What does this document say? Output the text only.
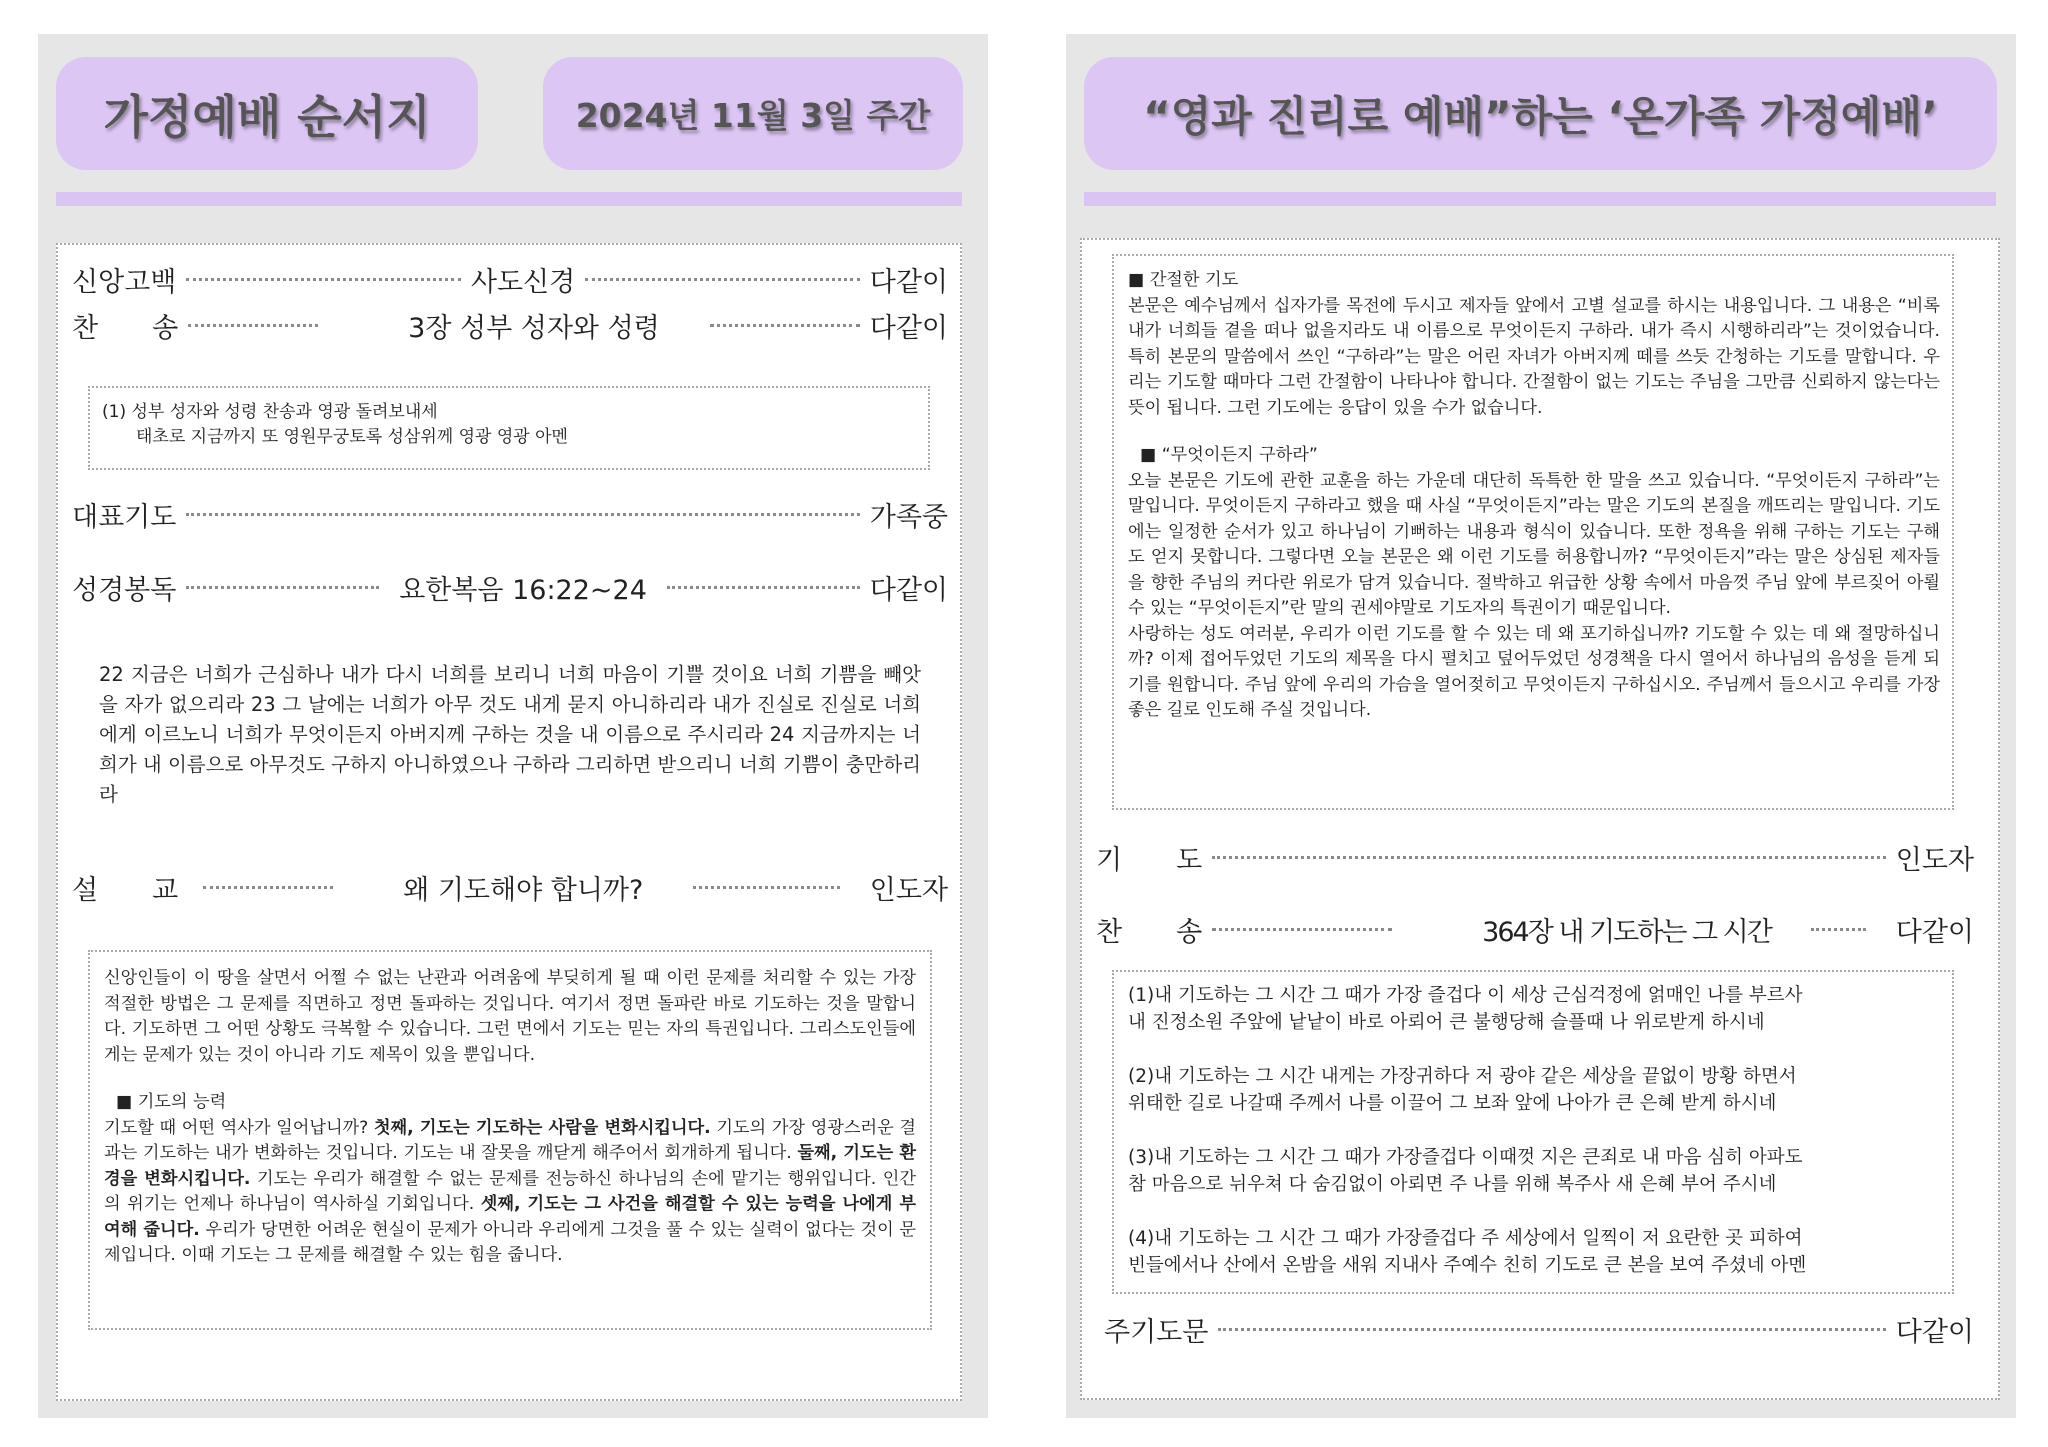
가정예배 순서지	2024년 11월 3일 주간
신앙고백	사도신경	다같이
찬　　송	3장 성부 성자와 성령	다같이
(1) 성부 성자와 성령 찬송과 영광 돌려보내세
태초로 지금까지 또 영원무궁토록 성삼위께 영광 영광 아멘
대표기도	가족중
성경봉독	요한복음 16:22~24	다같이
22 지금은 너희가 근심하나 내가 다시 너희를 보리니 너희 마음이 기쁠 것이요 너희 기쁨을 빼앗을 자가 없으리라 23 그 날에는 너희가 아무 것도 내게 묻지 아니하리라 내가 진실로 진실로 너희에게 이르노니 너희가 무엇이든지 아버지께 구하는 것을 내 이름으로 주시리라 24 지금까지는 너희가 내 이름으로 아무것도 구하지 아니하였으나 구하라 그리하면 받으리니 너희 기쁨이 충만하리라
설　　교	왜 기도해야 합니까?	인도자
신앙인들이 이 땅을 살면서 어쩔 수 없는 난관과 어려움에 부딪히게 될 때 이런 문제를 처리할 수 있는 가장 적절한 방법은 그 문제를 직면하고 정면 돌파하는 것입니다. 여기서 정면 돌파란 바로 기도하는 것을 말합니다. 기도하면 그 어떤 상황도 극복할 수 있습니다. 그런 면에서 기도는 믿는 자의 특권입니다. 그리스도인들에게는 문제가 있는 것이 아니라 기도 제목이 있을 뿐입니다.
■ 기도의 능력
기도할 때 어떤 역사가 일어납니까? 첫째, 기도는 기도하는 사람을 변화시킵니다. 기도의 가장 영광스러운 결과는 기도하는 내가 변화하는 것입니다. 기도는 내 잘못을 깨닫게 해주어서 회개하게 됩니다. 둘째, 기도는 환경을 변화시킵니다. 기도는 우리가 해결할 수 없는 문제를 전능하신 하나님의 손에 맡기는 행위입니다. 인간의 위기는 언제나 하나님이 역사하실 기회입니다. 셋째, 기도는 그 사건을 해결할 수 있는 능력을 나에게 부여해 줍니다. 우리가 당면한 어려운 현실이 문제가 아니라 우리에게 그것을 풀 수 있는 실력이 없다는 것이 문제입니다. 이때 기도는 그 문제를 해결할 수 있는 힘을 줍니다.
“영과 진리로 예배”하는 ‘온가족 가정예배’
■ 간절한 기도
본문은 예수님께서 십자가를 목전에 두시고 제자들 앞에서 고별 설교를 하시는 내용입니다. 그 내용은 “비록 내가 너희들 곁을 떠나 없을지라도 내 이름으로 무엇이든지 구하라. 내가 즉시 시행하리라”는 것이었습니다. 특히 본문의 말씀에서 쓰인 “구하라”는 말은 어린 자녀가 아버지께 떼를 쓰듯 간청하는 기도를 말합니다. 우리는 기도할 때마다 그런 간절함이 나타나야 합니다. 간절함이 없는 기도는 주님을 그만큼 신뢰하지 않는다는 뜻이 됩니다. 그런 기도에는 응답이 있을 수가 없습니다.
■ “무엇이든지 구하라”
오늘 본문은 기도에 관한 교훈을 하는 가운데 대단히 독특한 한 말을 쓰고 있습니다. “무엇이든지 구하라”는 말입니다. 무엇이든지 구하라고 했을 때 사실 “무엇이든지”라는 말은 기도의 본질을 깨뜨리는 말입니다. 기도에는 일정한 순서가 있고 하나님이 기뻐하는 내용과 형식이 있습니다. 또한 정욕을 위해 구하는 기도는 구해도 얻지 못합니다. 그렇다면 오늘 본문은 왜 이런 기도를 허용합니까? “무엇이든지”라는 말은 상심된 제자들을 향한 주님의 커다란 위로가 담겨 있습니다. 절박하고 위급한 상황 속에서 마음껏 주님 앞에 부르짖어 아뢸 수 있는 “무엇이든지”란 말의 권세야말로 기도자의 특권이기 때문입니다.
사랑하는 성도 여러분, 우리가 이런 기도를 할 수 있는 데 왜 포기하십니까? 기도할 수 있는 데 왜 절망하십니까? 이제 접어두었던 기도의 제목을 다시 펼치고 덮어두었던 성경책을 다시 열어서 하나님의 음성을 듣게 되기를 원합니다. 주님 앞에 우리의 가슴을 열어젖히고 무엇이든지 구하십시오. 주님께서 들으시고 우리를 가장 좋은 길로 인도해 주실 것입니다.
기　　도	인도자
찬　　송	364장 내 기도하는 그 시간	다같이

(1)내 기도하는 그 시간 그 때가 가장 즐겁다 이 세상 근심걱정에 얽매인 나를 부르사
내 진정소원 주앞에 낱낱이 바로 아뢰어 큰 불행당해 슬플때 나 위로받게 하시네

(2)내 기도하는 그 시간 내게는 가장귀하다 저 광야 같은 세상을 끝없이 방황 하면서
위태한 길로 나갈때 주께서 나를 이끌어 그 보좌 앞에 나아가 큰 은혜 받게 하시네

(3)내 기도하는 그 시간 그 때가 가장즐겁다 이때껏 지은 큰죄로 내 마음 심히 아파도
참 마음으로 뉘우쳐 다 숨김없이 아뢰면 주 나를 위해 복주사 새 은혜 부어 주시네

(4)내 기도하는 그 시간 그 때가 가장즐겁다 주 세상에서 일찍이 저 요란한 곳 피하여
빈들에서나 산에서 온밤을 새워 지내사 주예수 친히 기도로 큰 본을 보여 주셨네 아멘

주기도문	다같이
